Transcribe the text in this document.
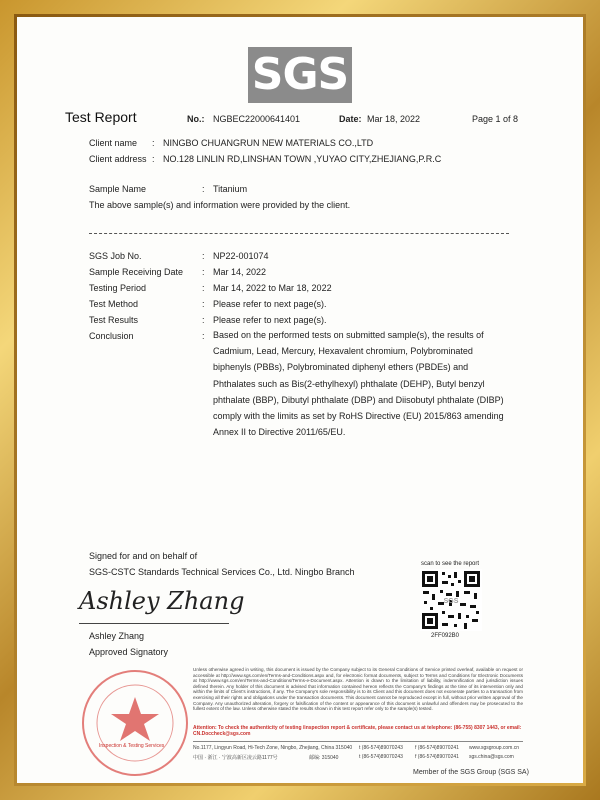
SGS
Test Report	No.: NGBEC22000641401	Date: Mar 18, 2022	Page 1 of 8
Client name : NINGBO CHUANGRUN NEW MATERIALS CO.,LTD
Client address : NO.128 LINLIN RD,LINSHAN TOWN ,YUYAO CITY,ZHEJIANG,P.R.C
Sample Name	: Titanium
The above sample(s) and information were provided by the client.
SGS Job No.	: NP22-001074
Sample Receiving Date : Mar 14, 2022
Testing Period	: Mar 14, 2022 to Mar 18, 2022
Test Method	: Please refer to next page(s).
Test Results	: Please refer to next page(s).
Conclusion	: Based on the performed tests on submitted sample(s), the results of Cadmium, Lead, Mercury, Hexavalent chromium, Polybrominated biphenyls (PBBs), Polybrominated diphenyl ethers (PBDEs) and Phthalates such as Bis(2-ethylhexyl) phthalate (DEHP), Butyl benzyl phthalate (BBP), Dibutyl phthalate (DBP) and Diisobutyl phthalate (DIBP) comply with the limits as set by RoHS Directive (EU) 2015/863 amending Annex II to Directive 2011/65/EU.
Signed for and on behalf of
SGS-CSTC Standards Technical Services Co., Ltd. Ningbo Branch
Ashley Zhang
Ashley Zhang
Approved Signatory
scan to see the report
SGS
2FF092B0
Inspection & Testing Services
Unless otherwise agreed in writing, this document is issued by the Company subject to its General Conditions of Service printed overleaf, available on request or accessible at http://www.sgs.com/en/Terms-and-Conditions.aspx and, for electronic format documents, subject to Terms and Conditions for Electronic Documents at http://www.sgs.com/en/Terms-and-Conditions/Terms-e-Document.aspx. Attention is drawn to the limitation of liability, indemnification and jurisdiction issues defined therein. Any holder of this document is advised that information contained hereon reflects the Company's findings at the time of its intervention only and within the limits of Client's instructions, if any. The Company's sole responsibility is to its Client and this document does not exonerate parties to a transaction from exercising all their rights and obligations under the transaction documents. This document cannot be reproduced except in full, without prior written approval of the Company. Any unauthorized alteration, forgery or falsification of the content or appearance of this document is unlawful and offenders may be prosecuted to the fullest extent of the law. Unless otherwise stated the results shown in this test report refer only to the sample(s) tested.
Attention: To check the authenticity of testing /inspection report & certificate, please contact us at telephone: (86-755) 8307 1443, or email: CN.Doccheck@sgs.com
No.1177, Lingyun Road, Hi-Tech Zone, Ningbo, Zhejiang, China 315040 t (86-574)89070243 f (86-574)89070241 www.sgsgroup.com.cn
中国 · 浙江 · 宁波高新区凌云路1177号	邮编: 315040	t (86-574)89070243 f (86-574)89070241 sgs.china@sgs.com
Member of the SGS Group (SGS SA)
